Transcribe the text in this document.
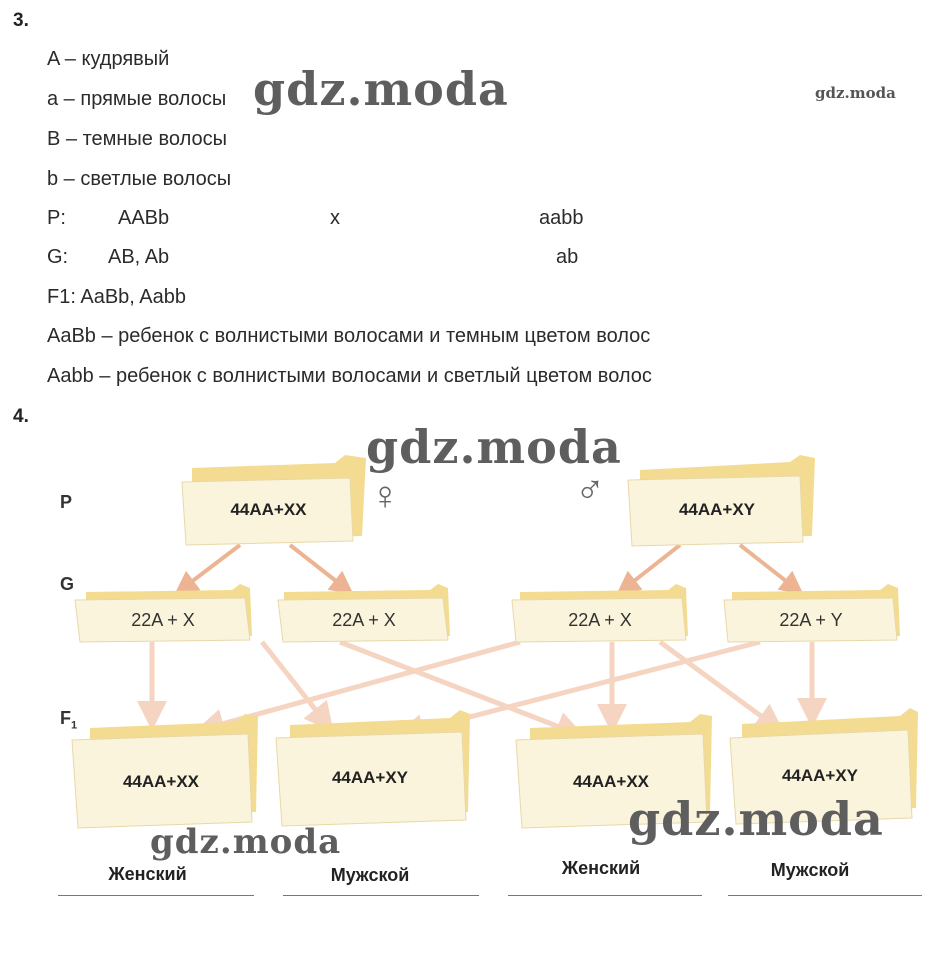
3.
A – кудрявый
a – прямые волосы
B – темные волосы
b – светлые волосы
P:	AABb	x	aabb
G: AB, Ab	ab
F1: AaBb, Aabb
AaBb – ребенок с волнистыми волосами и темным цветом волос
Aabb – ребенок с волнистыми волосами и светлый цветом волос
gdz.moda	gdz.moda
4.
P
G
$F_1$
♀	♂
44AA+XX	44AA+XY
22A + X	22A + X	22A + X	22A + Y
44AA+XX	44AA+XY	44AA+XX	44AA+XY
Женский	Мужской	Женский	Мужской
gdz.moda
gdz.moda	gdz.moda
